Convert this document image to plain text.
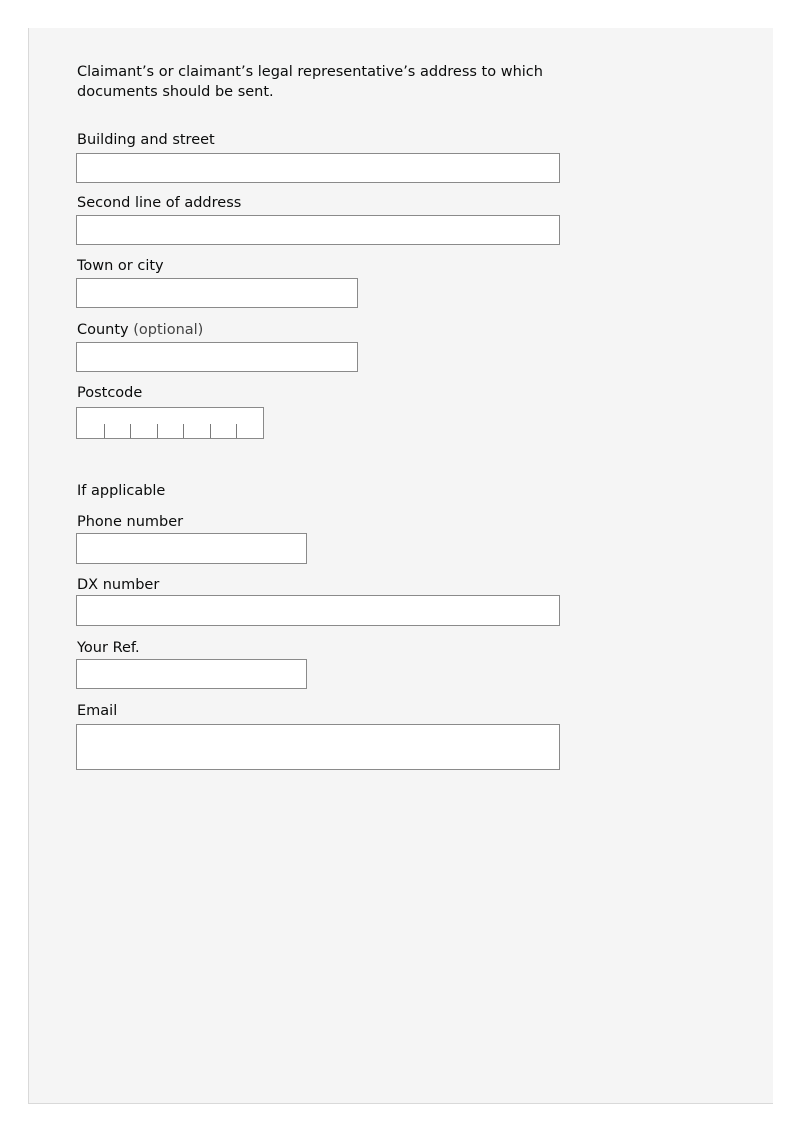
Claimant’s or claimant’s legal representative’s address to which documents should be sent.
Building and street
Second line of address
Town or city
County (optional)
Postcode
If applicable
Phone number
DX number
Your Ref.
Email
